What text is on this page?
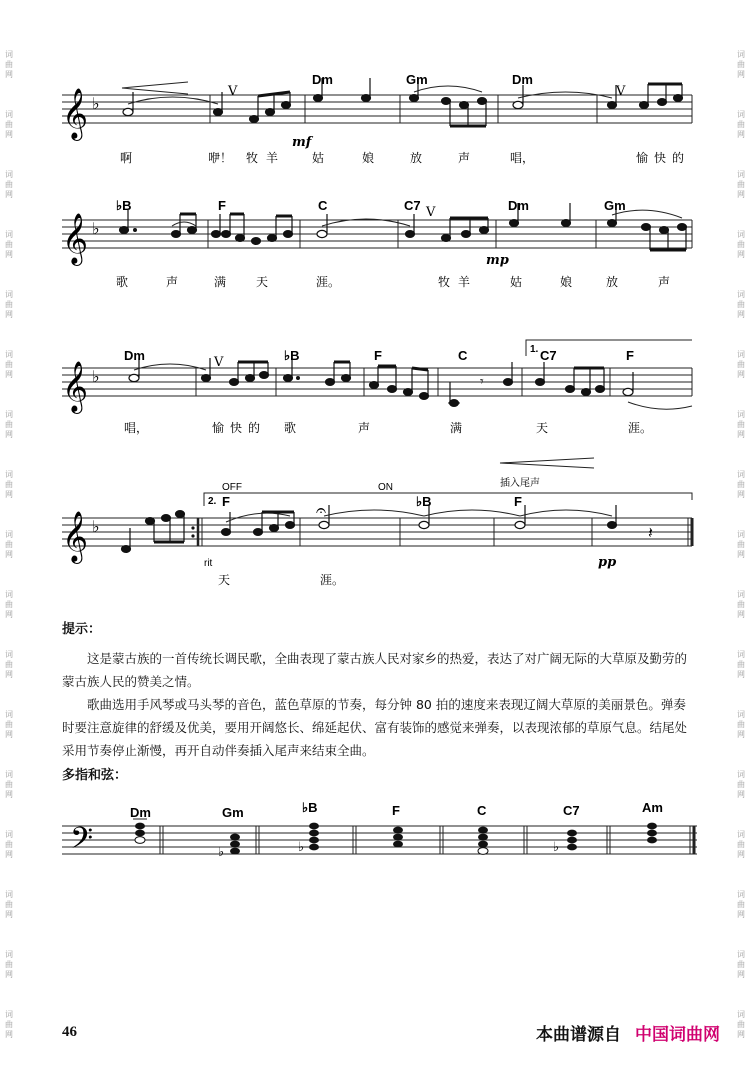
词
曲
网
词
曲
网
词
曲
网
词
曲
网
词
曲
网
词
曲
网
词
曲
网
词
曲
网
词
曲
网
词
曲
网
词
曲
网
词
曲
网
词
曲
网
词
曲
网
词
曲
网
词
曲
网
词
曲
网
词
曲
网
词
曲
网
词
曲
网
词
曲
网
词
曲
网
词
曲
网
词
曲
网
词
曲
网
词
曲
网
词
曲
网
词
曲
网
词
曲
网
词
曲
网
词
曲
网
词
曲
网
词
曲
网
词
曲
网
𝄞 ♭
V	V
Dm	Gm	Dm
mf
啊	咿！ 牧 羊	姑	娘	放	声	唱，	愉 快 的
𝄞 ♭
V
♭B	F	C	C7	Dm	Gm
mp
歌	声	满 天	涯。	牧 羊	姑	娘	放	声
1.
𝄞 ♭
V
𝄾
Dm	♭B	F	C	C7	F
唱，	愉 快 的 歌	声	满	天	涯。
OFF	ON	插入尾声
2.
𝄞 ♭
𝄐
𝄽
F	♭B	F
rit	pp
天	涯。
提示：

这是蒙古族的一首传统长调民歌，全曲表现了蒙古族人民对家乡的热爱，表达了对广阔无际的大草原及勤劳的蒙古族人民的赞美之情。

歌曲选用手风琴或马头琴的音色，蓝色草原的节奏，每分钟 80 拍的速度来表现辽阔大草原的美丽景色。弹奏时要注意旋律的舒缓及优美，要用开阔悠长、绵延起伏、富有装饰的感觉来弹奏，以表现浓郁的草原气息。结尾处采用节奏停止渐慢，再开自动伴奏插入尾声来结束全曲。

多指和弦：
𝄢	♭	♭	♭
Dm	Gm	♭B	F	C	C7	Am
46	本曲谱源自 中国词曲网
